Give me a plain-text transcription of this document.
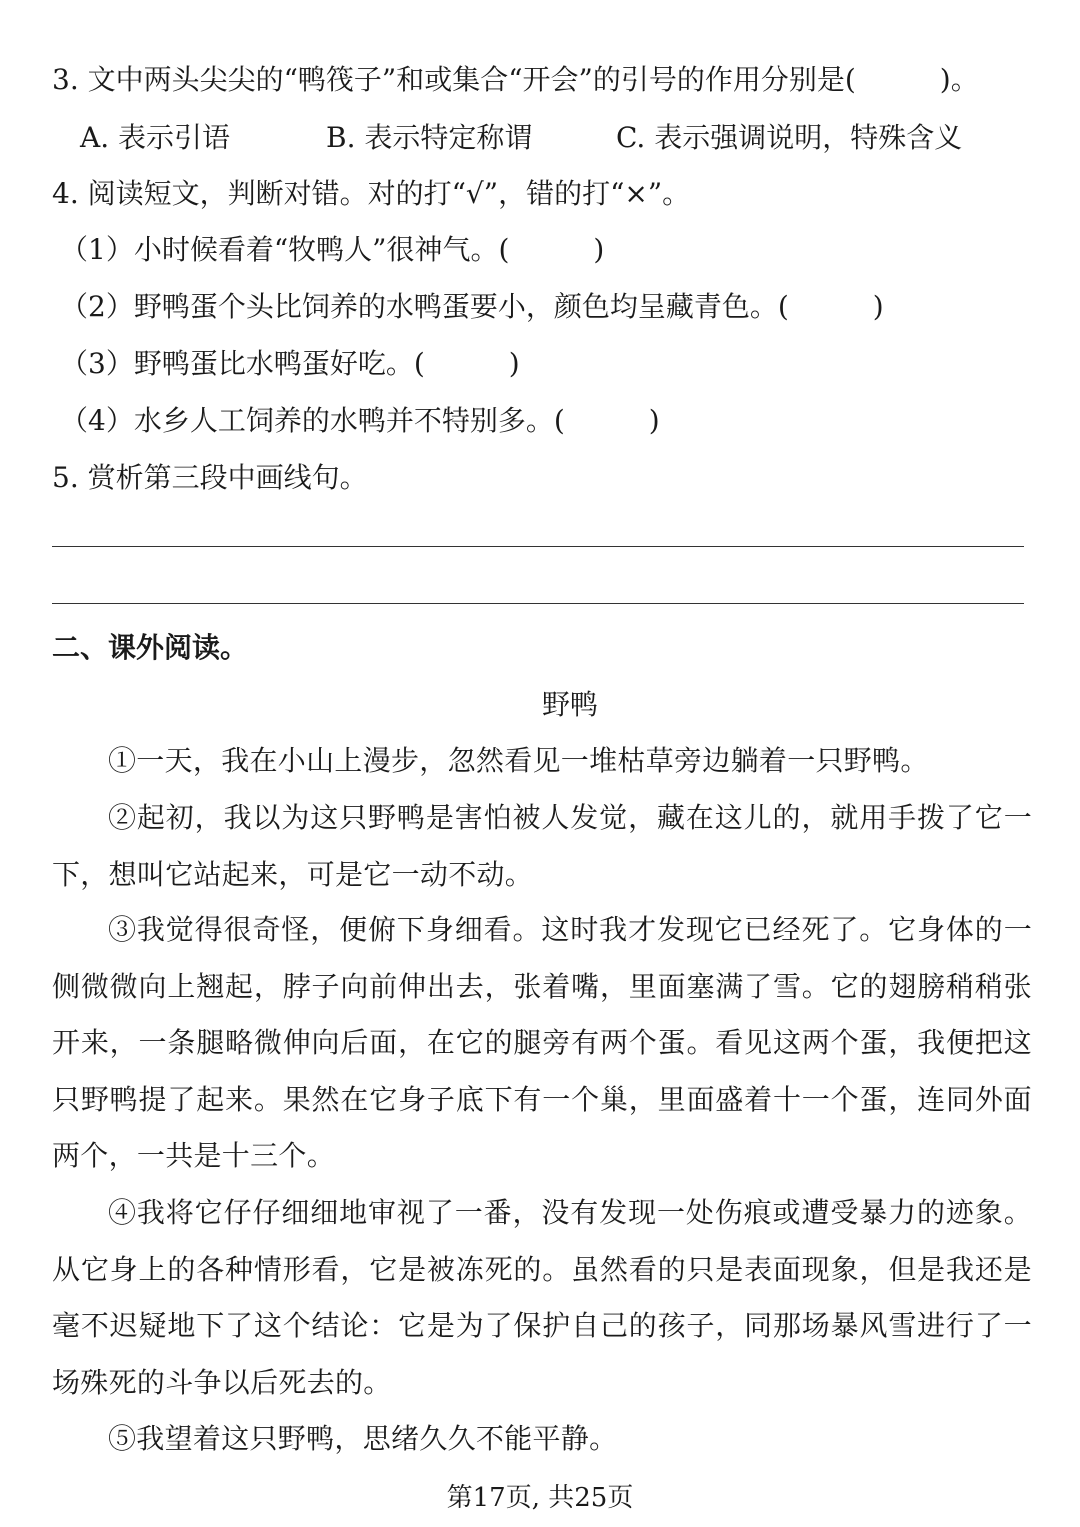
3. 文中两头尖尖的“鸭筏子”和或集合“开会”的引号的作用分别是(　　　)。
A. 表示引语	B. 表示特定称谓	C. 表示强调说明，特殊含义
4. 阅读短文，判断对错。对的打“√”，错的打“×”。
（1）小时候看着“牧鸭人”很神气。(　　　)
（2）野鸭蛋个头比饲养的水鸭蛋要小，颜色均呈藏青色。(　　　)
（3）野鸭蛋比水鸭蛋好吃。(　　　)
（4）水乡人工饲养的水鸭并不特别多。(　　　)
5. 赏析第三段中画线句。
二、课外阅读。
野鸭

①一天，我在小山上漫步，忽然看见一堆枯草旁边躺着一只野鸭。

②起初，我以为这只野鸭是害怕被人发觉，藏在这儿的，就用手拨了它一下，想叫它站起来，可是它一动不动。

③我觉得很奇怪，便俯下身细看。这时我才发现它已经死了。它身体的一侧微微向上翘起，脖子向前伸出去，张着嘴，里面塞满了雪。它的翅膀稍稍张开来，一条腿略微伸向后面，在它的腿旁有两个蛋。看见这两个蛋，我便把这只野鸭提了起来。果然在它身子底下有一个巢，里面盛着十一个蛋，连同外面两个，一共是十三个。

④我将它仔仔细细地审视了一番，没有发现一处伤痕或遭受暴力的迹象。从它身上的各种情形看，它是被冻死的。虽然看的只是表面现象，但是我还是毫不迟疑地下了这个结论：它是为了保护自己的孩子，同那场暴风雪进行了一场殊死的斗争以后死去的。

⑤我望着这只野鸭，思绪久久不能平静。

第17页, 共25页
